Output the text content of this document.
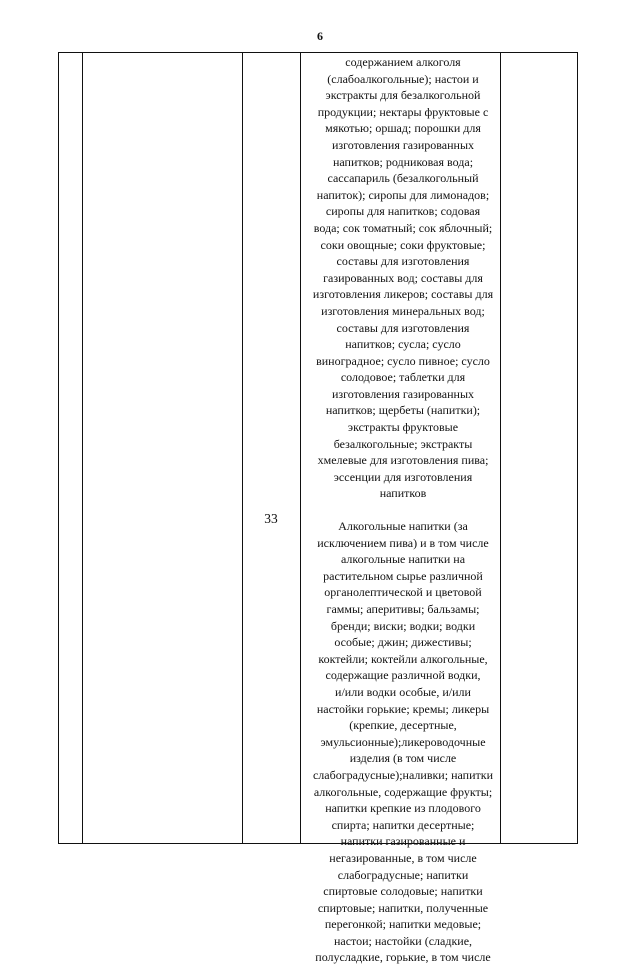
6
33
содержанием алкоголя
(слабоалкогольные); настои и
экстракты для безалкогольной
продукции; нектары фруктовые с
мякотью; оршад; порошки для
изготовления газированных
напитков; родниковая вода;
сассапариль (безалкогольный
напиток); сиропы для лимонадов;
сиропы для напитков; содовая
вода; сок томатный; сок яблочный;
соки овощные; соки фруктовые;
составы для изготовления
газированных вод; составы для
изготовления ликеров; составы для
изготовления минеральных вод;
составы для изготовления
напитков; сусла; сусло
виноградное; сусло пивное; сусло
солодовое; таблетки для
изготовления газированных
напитков; щербеты (напитки);
экстракты фруктовые
безалкогольные; экстракты
хмелевые для изготовления пива;
эссенции для изготовления
напитков
Алкогольные напитки (за
исключением пива) и в том числе
алкогольные напитки на
растительном сырье различной
органолептической и цветовой
гаммы; аперитивы; бальзамы;
бренди; виски; водки; водки
особые; джин; дижестивы;
коктейли; коктейли алкогольные,
содержащие различной водки,
и/или водки особые, и/или
настойки горькие; кремы; ликеры
(крепкие, десертные,
эмульсионные);ликероводочные
изделия (в том числе
слабоградусные);наливки; напитки
алкогольные, содержащие фрукты;
напитки крепкие из плодового
спирта; напитки десертные;
напитки газированные и
негазированные, в том числе
слабоградусные; напитки
спиртовые солодовые; напитки
спиртовые; напитки, полученные
перегонкой; напитки медовые;
настои; настойки (сладкие,
полусладкие, горькие, в том числе
